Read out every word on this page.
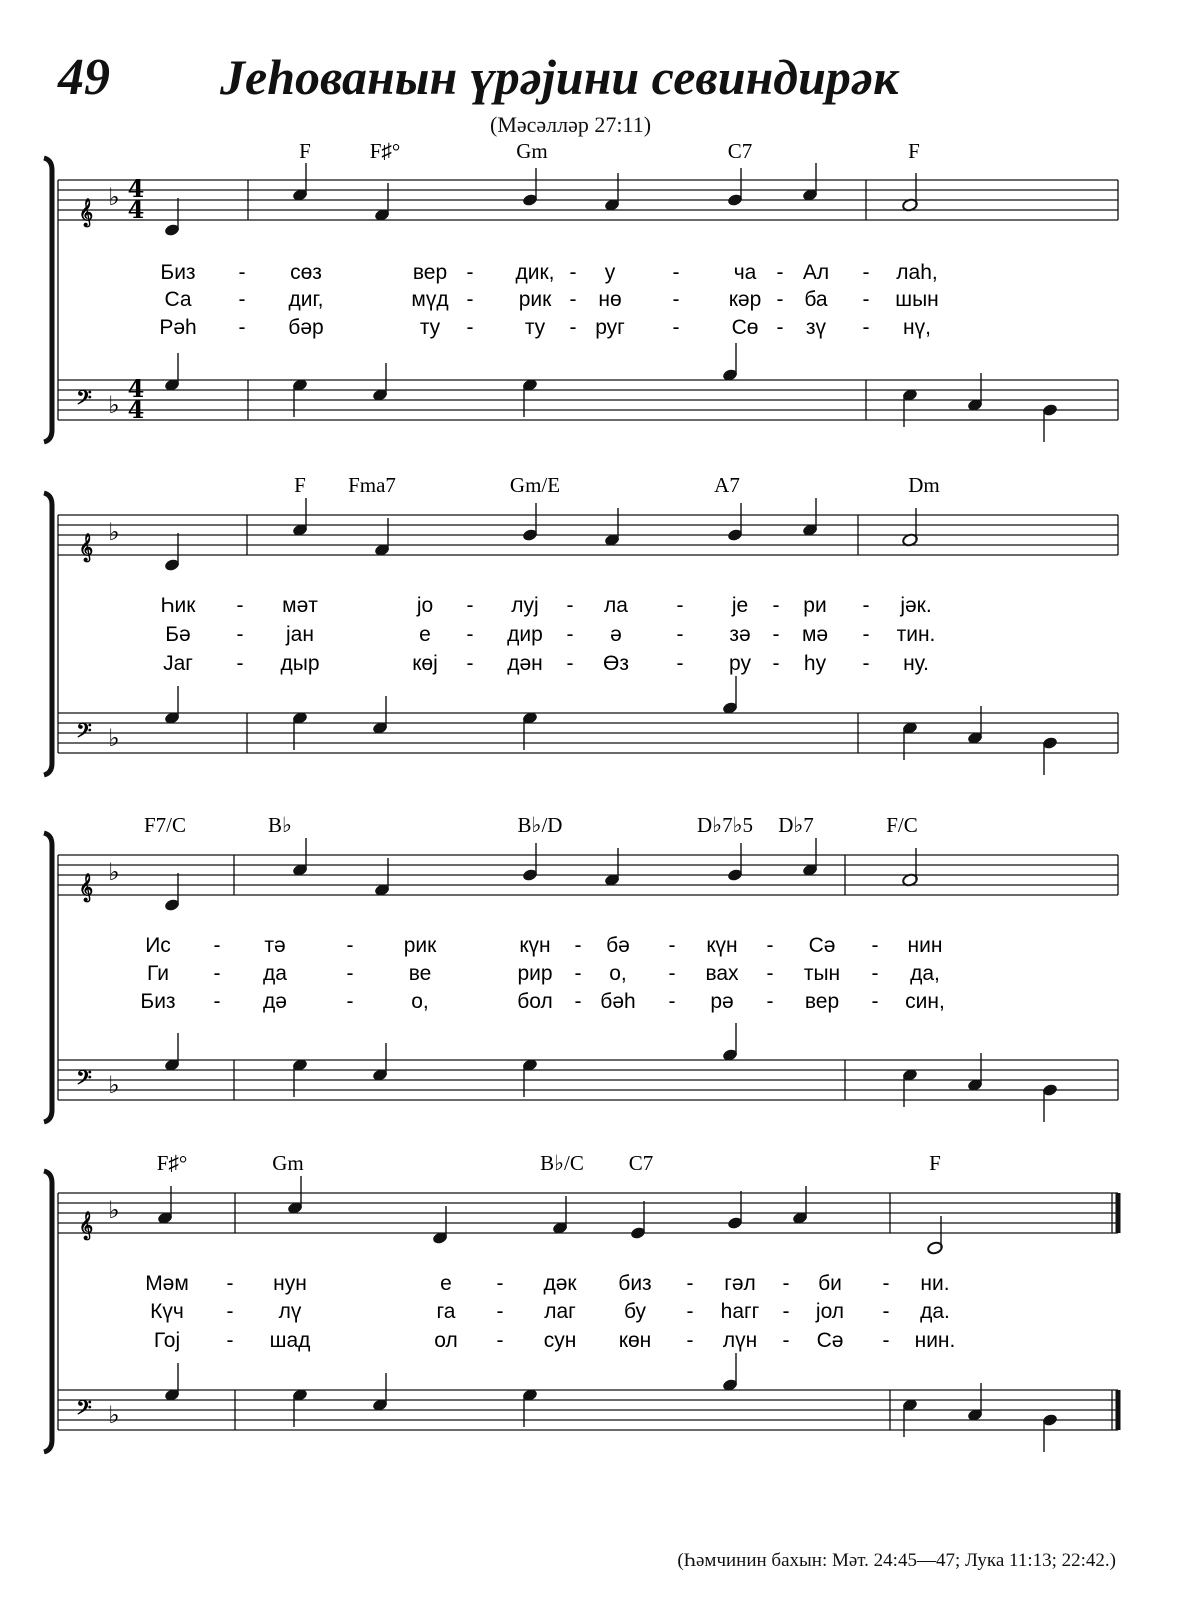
49 Јеһованын үрәјини севиндирәк
(Мәсәлләр 27:11)
(Һәмчинин бахын: Мәт. 24:45—47; Лука 11:13; 22:42.)
𝄞
𝄢
♭
♭
4
4
4
4
F	F♯°	Gm	C7	F
Биз	сөз	вер	дик, у	ча Ал	лаһ,
-	-	-	-	-	-
Са	диг,	мүд	рик нө	кәр ба	шын
-	-	-	-	-	-
Рәһ	бәр	ту	ту руг	Сө зү	нү,
-	-	-	-	-	-
𝄞
𝄢
♭
♭
F Fma7	Gm/E	A7	Dm
Һик	мәт	јо	луј	ла	је	ри	јәк.
-	-	-	-	-	-
Бә	јан	е	дир	ә	зә мә	тин.
-	-	-	-	-	-
Јаг	дыр	көј	дән	Өз	ру	һу	ну.
-	-	-	-	-	-
𝄞
𝄢
♭
♭
F7/C	B♭	B♭/D	D♭7♭5 D♭7	F/C
Ис	тә	рик	күн	бә	күн	Сә	нин
-	-	-	-	-	-
Ги	да	ве	рир	о,	вах	тын	да,
-	-	-	-	-	-
Биз	дә	о,	бол бәһ	рә	вер	син,
-	-	-	-	-	-
𝄞
𝄢
♭
♭
F♯°	Gm	B♭/C C7	F
Мәм	нун	е	дәк биз	гәл	би	ни.
-	-	-	-	-
Күч	лү	га	лаг бу	һагг	јол	да.
-	-	-	-	-
Гој	шад	ол	сун көн	лүн	Сә	нин.
-	-	-	-	-
